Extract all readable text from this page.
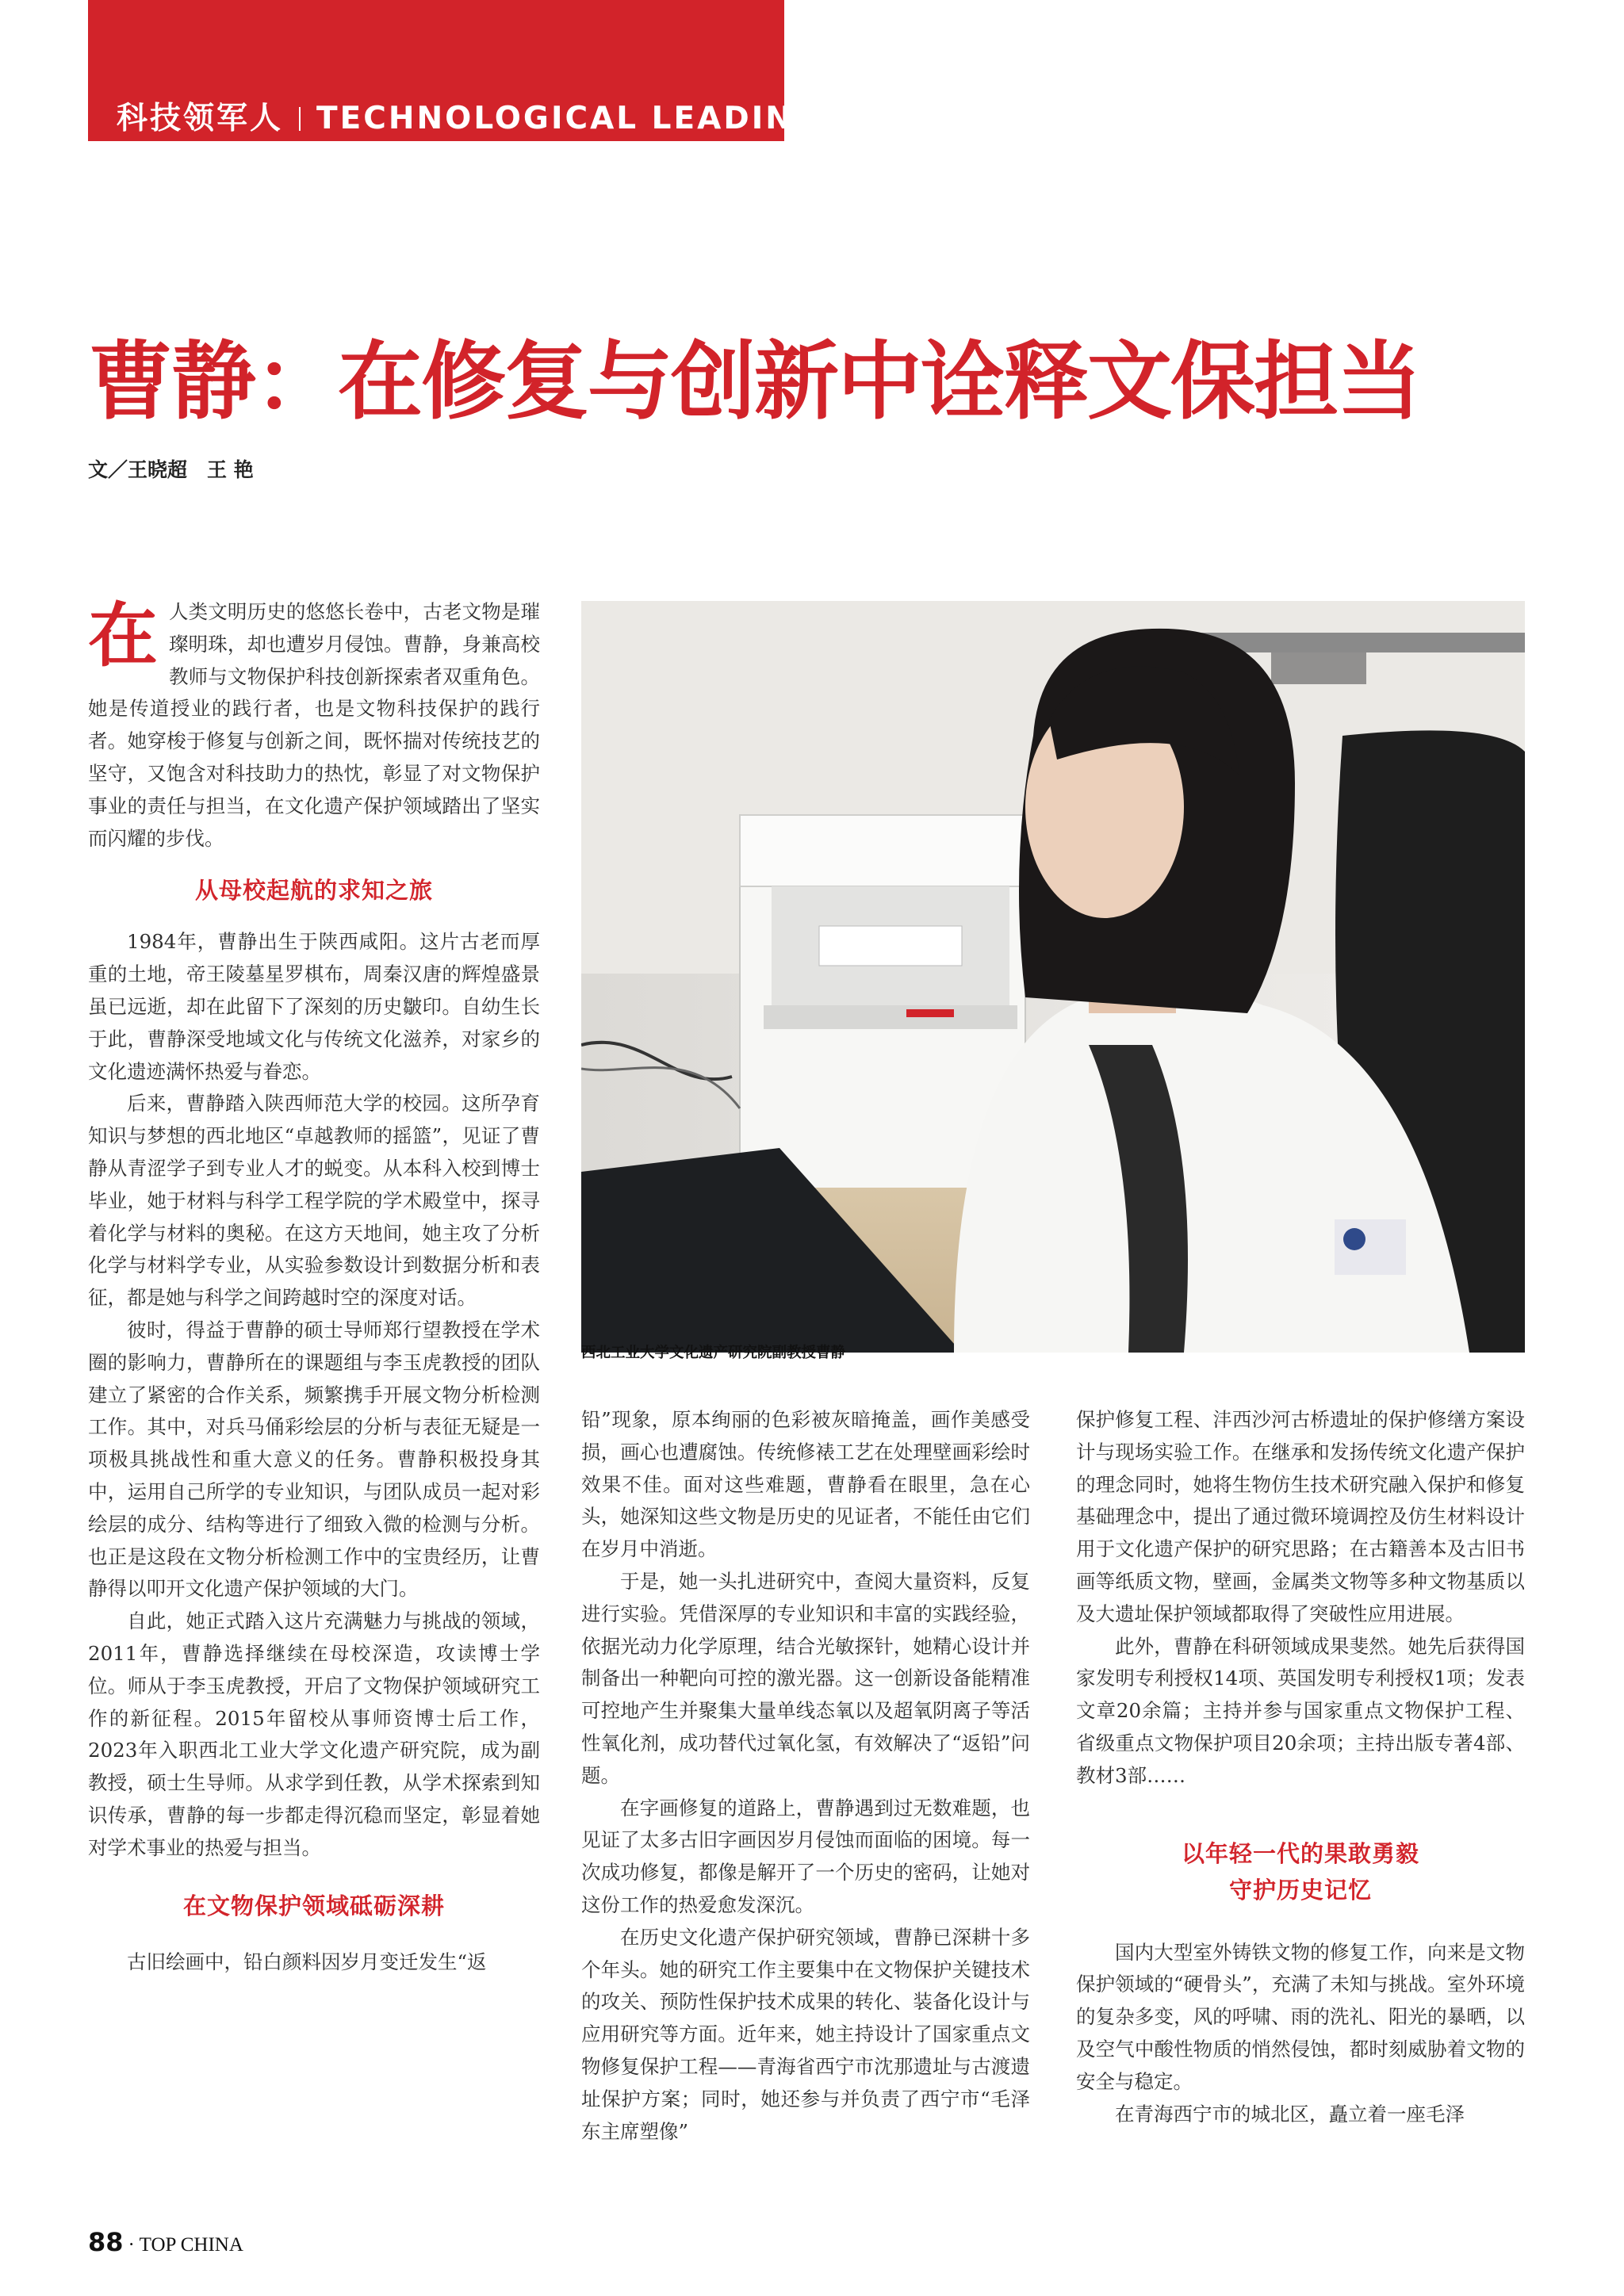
科技领军人 TECHNOLOGICAL LEADING TALENT
曹静：在修复与创新中诠释文保担当
文／王晓超　王 艳

在人类文明历史的悠悠长卷中，古老文物是璀璨明珠，却也遭岁月侵蚀。曹静，身兼高校教师与文物保护科技创新探索者双重角色。她是传道授业的践行者，也是文物科技保护的践行者。她穿梭于修复与创新之间，既怀揣对传统技艺的坚守，又饱含对科技助力的热忱，彰显了对文物保护事业的责任与担当，在文化遗产保护领域踏出了坚实而闪耀的步伐。

从母校起航的求知之旅

1984年，曹静出生于陕西咸阳。这片古老而厚重的土地，帝王陵墓星罗棋布，周秦汉唐的辉煌盛景虽已远逝，却在此留下了深刻的历史皺印。自幼生长于此，曹静深受地域文化与传统文化滋养，对家乡的文化遗迹满怀热爱与眷恋。

后来，曹静踏入陕西师范大学的校园。这所孕育知识与梦想的西北地区“卓越教师的摇篮”，见证了曹静从青涩学子到专业人才的蜕变。从本科入校到博士毕业，她于材料与科学工程学院的学术殿堂中，探寻着化学与材料的奥秘。在这方天地间，她主攻了分析化学与材料学专业，从实验参数设计到数据分析和表征，都是她与科学之间跨越时空的深度对话。

彼时，得益于曹静的硕士导师郑行望教授在学术圈的影响力，曹静所在的课题组与李玉虎教授的团队建立了紧密的合作关系，频繁携手开展文物分析检测工作。其中，对兵马俑彩绘层的分析与表征无疑是一项极具挑战性和重大意义的任务。曹静积极投身其中，运用自己所学的专业知识，与团队成员一起对彩绘层的成分、结构等进行了细致入微的检测与分析。也正是这段在文物分析检测工作中的宝贵经历，让曹静得以叩开文化遗产保护领域的大门。

自此，她正式踏入这片充满魅力与挑战的领域，2011年，曹静选择继续在母校深造，攻读博士学位。师从于李玉虎教授，开启了文物保护领域研究工作的新征程。2015年留校从事师资博士后工作，2023年入职西北工业大学文化遗产研究院，成为副教授，硕士生导师。从求学到任教，从学术探索到知识传承，曹静的每一步都走得沉稳而坚定，彰显着她对学术事业的热爱与担当。

在文物保护领域砥砺深耕

古旧绘画中，铅白颜料因岁月变迁发生“返

西北工业大学文化遗产研究院副教授曹静

铅”现象，原本绚丽的色彩被灰暗掩盖，画作美感受损，画心也遭腐蚀。传统修裱工艺在处理壁画彩绘时效果不佳。面对这些难题，曹静看在眼里，急在心头，她深知这些文物是历史的见证者，不能任由它们在岁月中消逝。

于是，她一头扎进研究中，查阅大量资料，反复进行实验。凭借深厚的专业知识和丰富的实践经验，依据光动力化学原理，结合光敏探针，她精心设计并制备出一种靶向可控的激光器。这一创新设备能精准可控地产生并聚集大量单线态氧以及超氧阴离子等活性氧化剂，成功替代过氧化氢，有效解决了“返铅”问题。

在字画修复的道路上，曹静遇到过无数难题，也见证了太多古旧字画因岁月侵蚀而面临的困境。每一次成功修复，都像是解开了一个历史的密码，让她对这份工作的热爱愈发深沉。

在历史文化遗产保护研究领域，曹静已深耕十多个年头。她的研究工作主要集中在文物保护关键技术的攻关、预防性保护技术成果的转化、装备化设计与应用研究等方面。近年来，她主持设计了国家重点文物修复保护工程——青海省西宁市沈那遗址与古渡遗址保护方案；同时，她还参与并负责了西宁市“毛泽东主席塑像”

保护修复工程、沣西沙河古桥遗址的保护修缮方案设计与现场实验工作。在继承和发扬传统文化遗产保护的理念同时，她将生物仿生技术研究融入保护和修复基础理念中，提出了通过微环境调控及仿生材料设计用于文化遗产保护的研究思路；在古籍善本及古旧书画等纸质文物，壁画，金属类文物等多种文物基质以及大遗址保护领域都取得了突破性应用进展。

此外，曹静在科研领域成果斐然。她先后获得国家发明专利授权14项、英国发明专利授权1项；发表文章20余篇；主持并参与国家重点文物保护工程、省级重点文物保护项目20余项；主持出版专著4部、教材3部……

以年轻一代的果敢勇毅
守护历史记忆

国内大型室外铸铁文物的修复工作，向来是文物保护领域的“硬骨头”，充满了未知与挑战。室外环境的复杂多变，风的呼啸、雨的洗礼、阳光的暴晒，以及空气中酸性物质的悄然侵蚀，都时刻威胁着文物的安全与稳定。

在青海西宁市的城北区，矗立着一座毛泽

88 · TOP CHINA
